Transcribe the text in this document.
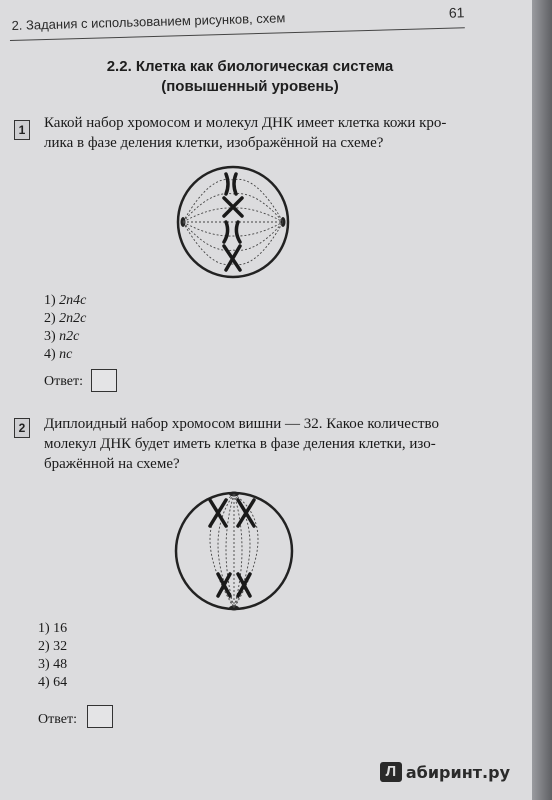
2. Задания с использованием рисунков, схем	61
2.2. Клетка как биологическая система
(повышенный уровень)
1	Какой набор хромосом и молекул ДНК имеет клетка кожи кро-
лика в фазе деления клетки, изображённой на схеме?
1) 2n4c
2) 2n2c
3) n2c
4) nc
Ответ:
2	Диплоидный набор хромосом вишни — 32. Какое количество
молекул ДНК будет иметь клетка в фазе деления клетки, изо-
бражённой на схеме?
1) 16
2) 32
3) 48
4) 64
Ответ:
Л абиринт.ру
